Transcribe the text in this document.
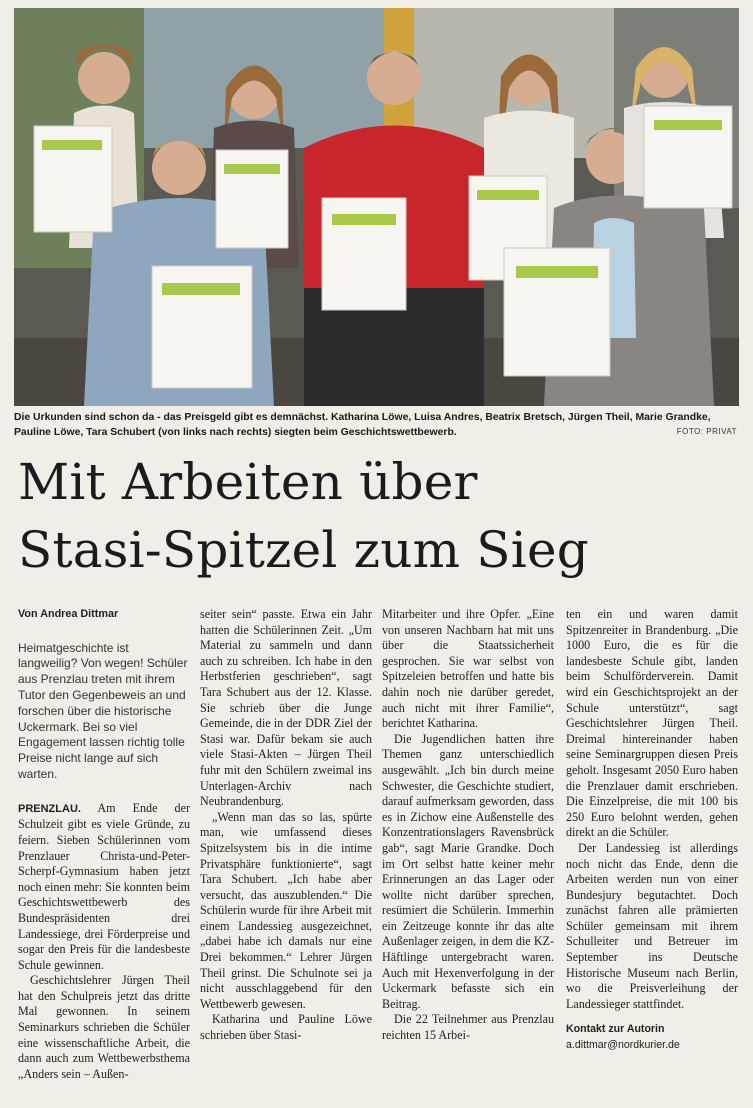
Die Urkunden sind schon da - das Preisgeld gibt es demnächst. Katharina Löwe, Luisa Andres, Beatrix Bretsch, Jürgen Theil, Marie Grandke, Pauline Löwe, Tara Schubert (von links nach rechts) siegten beim Geschichtswettbewerb.	FOTO: PRIVAT
Mit Arbeiten über
Stasi-Spitzel zum Sieg
Von Andrea Dittmar
Heimatgeschichte ist langweilig? Von wegen! Schüler aus Prenzlau treten mit ihrem Tutor den Gegenbeweis an und forschen über die historische Uckermark. Bei so viel Engagement lassen richtig tolle Preise nicht lange auf sich warten.

PRENZLAU. Am Ende der Schulzeit gibt es viele Gründe, zu feiern. Sieben Schülerinnen vom Prenzlauer Christa-und-Peter-Scherpf-Gymnasium haben jetzt noch einen mehr: Sie konnten beim Geschichtswettbewerb des Bundespräsidenten drei Landessiege, drei Förderpreise und sogar den Preis für die landesbeste Schule gewinnen.

Geschichtslehrer Jürgen Theil hat den Schulpreis jetzt das dritte Mal gewonnen. In seinem Seminarkurs schrieben die Schüler eine wissenschaftliche Arbeit, die dann auch zum Wettbewerbsthema „Anders sein – Außen-

seiter sein“ passte. Etwa ein Jahr hatten die Schülerinnen Zeit. „Um Material zu sammeln und dann auch zu schreiben. Ich habe in den Herbstferien geschrieben“, sagt Tara Schubert aus der 12. Klasse. Sie schrieb über die Junge Gemeinde, die in der DDR Ziel der Stasi war. Dafür bekam sie auch viele Stasi-Akten – Jürgen Theil fuhr mit den Schülern zweimal ins Unterlagen-Archiv nach Neubrandenburg.

„Wenn man das so las, spürte man, wie umfassend dieses Spitzelsystem bis in die intime Privatsphäre funktionierte“, sagt Tara Schubert. „Ich habe aber versucht, das auszublenden.“ Die Schülerin wurde für ihre Arbeit mit einem Landessieg ausgezeichnet, „dabei habe ich damals nur eine Drei bekommen.“ Lehrer Jürgen Theil grinst. Die Schulnote sei ja nicht ausschlaggebend für den Wettbewerb gewesen.

Katharina und Pauline Löwe schrieben über Stasi-

Mitarbeiter und ihre Opfer. „Eine von unseren Nachbarn hat mit uns über die Staatssicherheit gesprochen. Sie war selbst von Spitzeleien betroffen und hatte bis dahin noch nie darüber geredet, auch nicht mit ihrer Familie“, berichtet Katharina.

Die Jugendlichen hatten ihre Themen ganz unterschiedlich ausgewählt. „Ich bin durch meine Schwester, die Geschichte studiert, darauf aufmerksam geworden, dass es in Zichow eine Außenstelle des Konzentrationslagers Ravensbrück gab“, sagt Marie Grandke. Doch im Ort selbst hatte keiner mehr Erinnerungen an das Lager oder wollte nicht darüber sprechen, resümiert die Schülerin. Immerhin ein Zeitzeuge konnte ihr das alte Außenlager zeigen, in dem die KZ-Häftlinge untergebracht waren. Auch mit Hexenverfolgung in der Uckermark befasste sich ein Beitrag.

Die 22 Teilnehmer aus Prenzlau reichten 15 Arbei-

ten ein und waren damit Spitzenreiter in Brandenburg. „Die 1000 Euro, die es für die landesbeste Schule gibt, landen beim Schulförderverein. Damit wird ein Geschichtsprojekt an der Schule unterstützt“, sagt Geschichtslehrer Jürgen Theil. Dreimal hintereinander haben seine Seminargruppen diesen Preis geholt. Insgesamt 2050 Euro haben die Prenzlauer damit erschrieben. Die Einzelpreise, die mit 100 bis 250 Euro belohnt werden, gehen direkt an die Schüler.

Der Landessieg ist allerdings noch nicht das Ende, denn die Arbeiten werden nun von einer Bundesjury begutachtet. Doch zunächst fahren alle prämierten Schüler gemeinsam mit ihrem Schulleiter und Betreuer im September ins Deutsche Historische Museum nach Berlin, wo die Preisverleihung der Landessieger stattfindet.

Kontakt zur Autorin
a.dittmar@nordkurier.de
